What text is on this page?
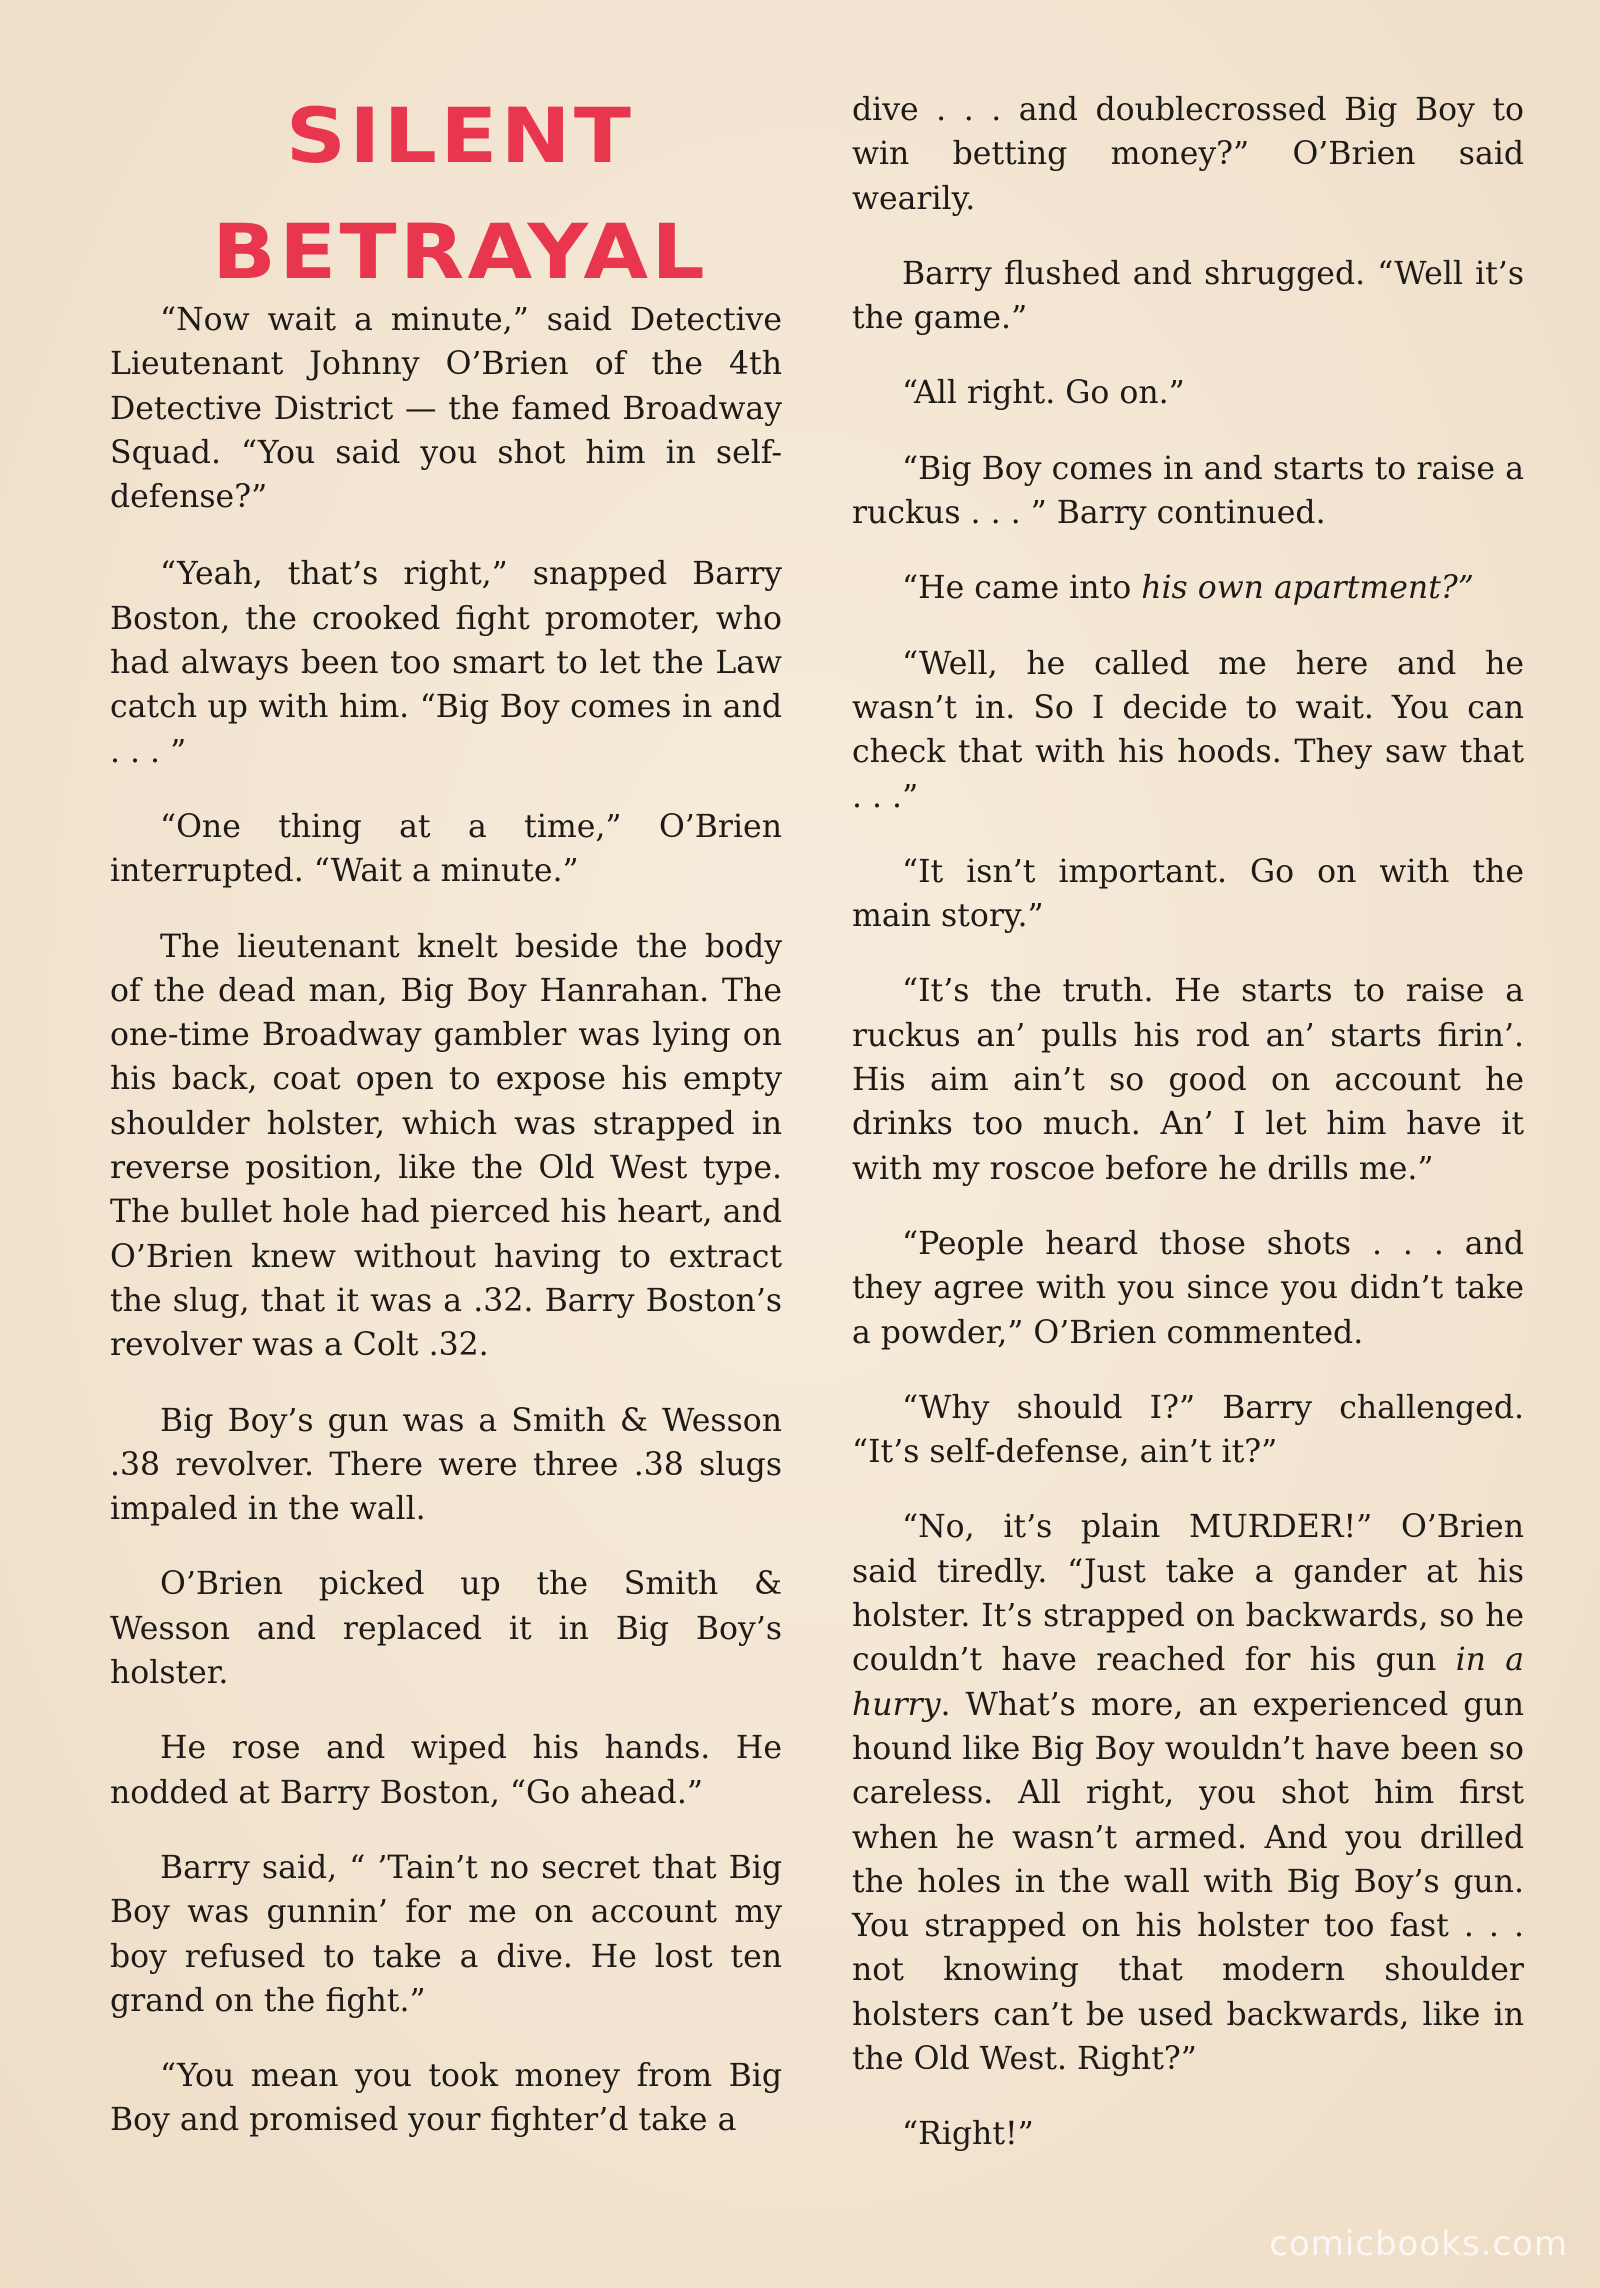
SILENT
BETRAYAL

“Now wait a minute,” said Detective Lieutenant Johnny O’Brien of the 4th Detective District — the famed Broadway Squad. “You said you shot him in self-defense?”

“Yeah, that’s right,” snapped Barry Boston, the crooked fight promoter, who had always been too smart to let the Law catch up with him. “Big Boy comes in and . . . ”

“One thing at a time,” O’Brien interrupted. “Wait a minute.”

The lieutenant knelt beside the body of the dead man, Big Boy Hanrahan. The one-time Broadway gambler was lying on his back, coat open to expose his empty shoulder holster, which was strapped in reverse position, like the Old West type. The bullet hole had pierced his heart, and O’Brien knew without having to extract the slug, that it was a .32. Barry Boston’s revolver was a Colt .32.

Big Boy’s gun was a Smith & Wesson .38 revolver. There were three .38 slugs impaled in the wall.

O’Brien picked up the Smith & Wesson and replaced it in Big Boy’s holster.

He rose and wiped his hands. He nodded at Barry Boston, “Go ahead.”

Barry said, “ ’Tain’t no secret that Big Boy was gunnin’ for me on account my boy refused to take a dive. He lost ten grand on the fight.”

“You mean you took money from Big Boy and promised your fighter’d take a

dive . . . and doublecrossed Big Boy to win betting money?” O’Brien said wearily.

Barry flushed and shrugged. “Well it’s the game.”

“All right. Go on.”

“Big Boy comes in and starts to raise a ruckus . . . ” Barry continued.

“He came into his own apartment?”

“Well, he called me here and he wasn’t in. So I decide to wait. You can check that with his hoods. They saw that . . .”

“It isn’t important. Go on with the main story.”

“It’s the truth. He starts to raise a ruckus an’ pulls his rod an’ starts firin’. His aim ain’t so good on account he drinks too much. An’ I let him have it with my roscoe before he drills me.”

“People heard those shots . . . and they agree with you since you didn’t take a powder,” O’Brien commented.

“Why should I?” Barry challenged. “It’s self-defense, ain’t it?”

“No, it’s plain MURDER!” O’Brien said tiredly. “Just take a gander at his holster. It’s strapped on backwards, so he couldn’t have reached for his gun in a hurry. What’s more, an experienced gun hound like Big Boy wouldn’t have been so careless. All right, you shot him first when he wasn’t armed. And you drilled the holes in the wall with Big Boy’s gun. You strapped on his holster too fast . . . not knowing that modern shoulder holsters can’t be used backwards, like in the Old West. Right?”

“Right!”

comicbooks.com
